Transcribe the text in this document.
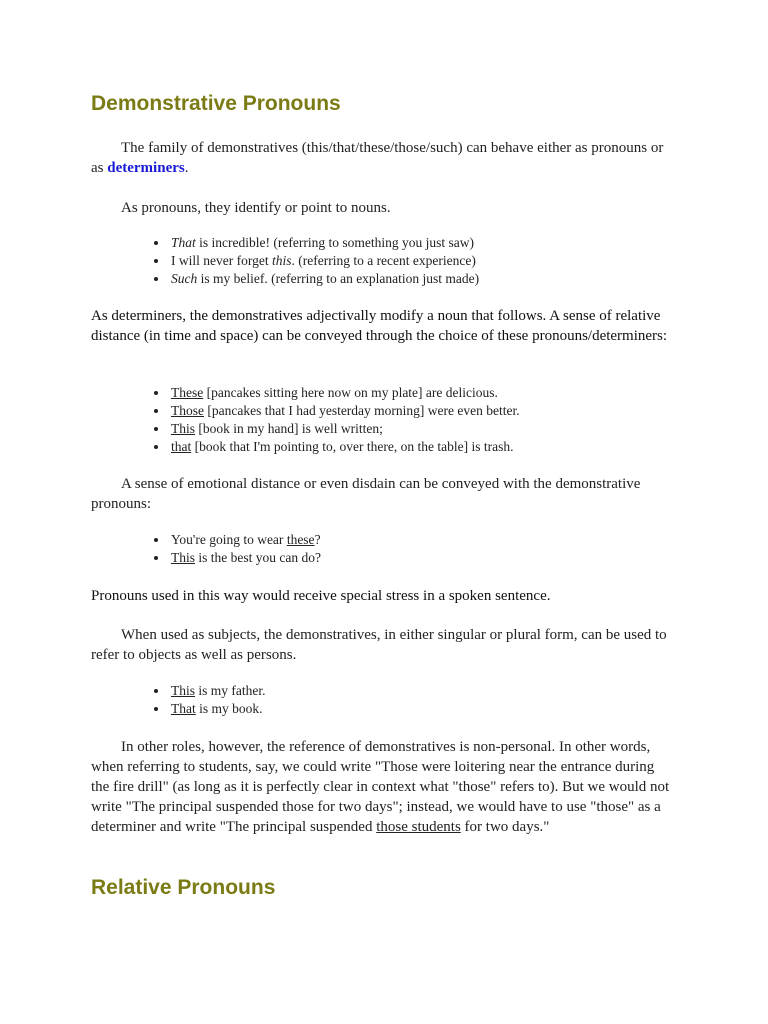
Demonstrative Pronouns

The family of demonstratives (this/that/these/those/such) can behave either as pronouns or as determiners.

As pronouns, they identify or point to nouns.

• That is incredible! (referring to something you just saw)
• I will never forget this. (referring to a recent experience)
• Such is my belief. (referring to an explanation just made)

As determiners, the demonstratives adjectivally modify a noun that follows. A sense of relative distance (in time and space) can be conveyed through the choice of these pronouns/determiners:

• These [pancakes sitting here now on my plate] are delicious.
• Those [pancakes that I had yesterday morning] were even better.
• This [book in my hand] is well written;
• that [book that I'm pointing to, over there, on the table] is trash.

A sense of emotional distance or even disdain can be conveyed with the demonstrative pronouns:

• You're going to wear these?
• This is the best you can do?

Pronouns used in this way would receive special stress in a spoken sentence.

When used as subjects, the demonstratives, in either singular or plural form, can be used to refer to objects as well as persons.

• This is my father.
• That is my book.

In other roles, however, the reference of demonstratives is non-personal. In other words, when referring to students, say, we could write "Those were loitering near the entrance during the fire drill" (as long as it is perfectly clear in context what "those" refers to). But we would not write "The principal suspended those for two days"; instead, we would have to use "those" as a determiner and write "The principal suspended those students for two days."

Relative Pronouns
